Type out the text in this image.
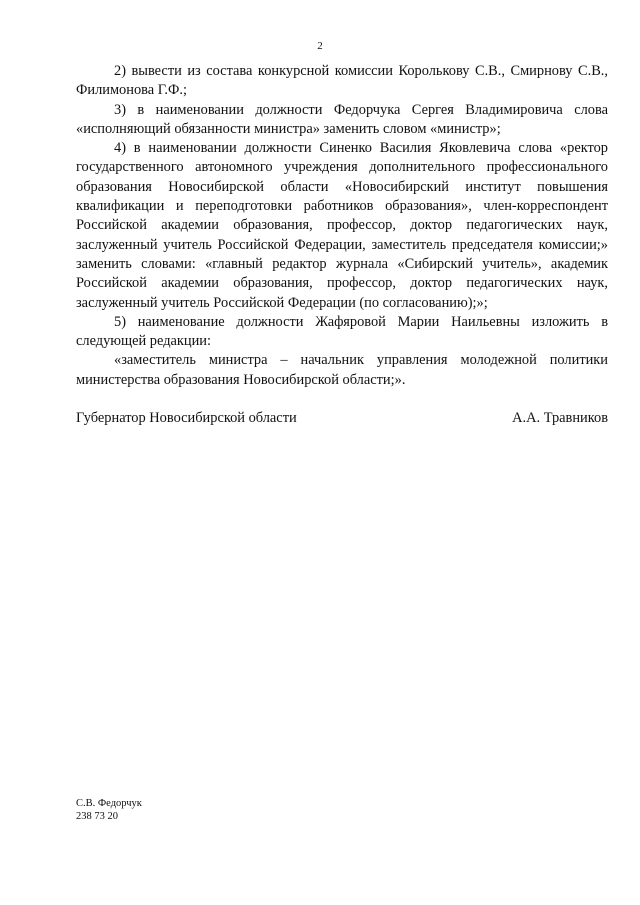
2

2) вывести из состава конкурсной комиссии Королькову С.В., Смирнову С.В., Филимонова Г.Ф.;

3) в наименовании должности Федорчука Сергея Владимировича слова «исполняющий обязанности министра» заменить словом «министр»;

4) в наименовании должности Синенко Василия Яковлевича слова «ректор государственного автономного учреждения дополнительного профессионального образования Новосибирской области «Новосибирский институт повышения квалификации и переподготовки работников образования», член-корреспондент Российской академии образования, профессор, доктор педагогических наук, заслуженный учитель Российской Федерации, заместитель председателя комиссии;» заменить словами: «главный редактор журнала «Сибирский учитель», академик Российской академии образования, профессор, доктор педагогических наук, заслуженный учитель Российской Федерации (по согласованию);»;

5) наименование должности Жафяровой Марии Наильевны изложить в следующей редакции:

«заместитель министра – начальник управления молодежной политики министерства образования Новосибирской области;».

Губернатор Новосибирской области	А.А. Травников
С.В. Федорчук
238 73 20
